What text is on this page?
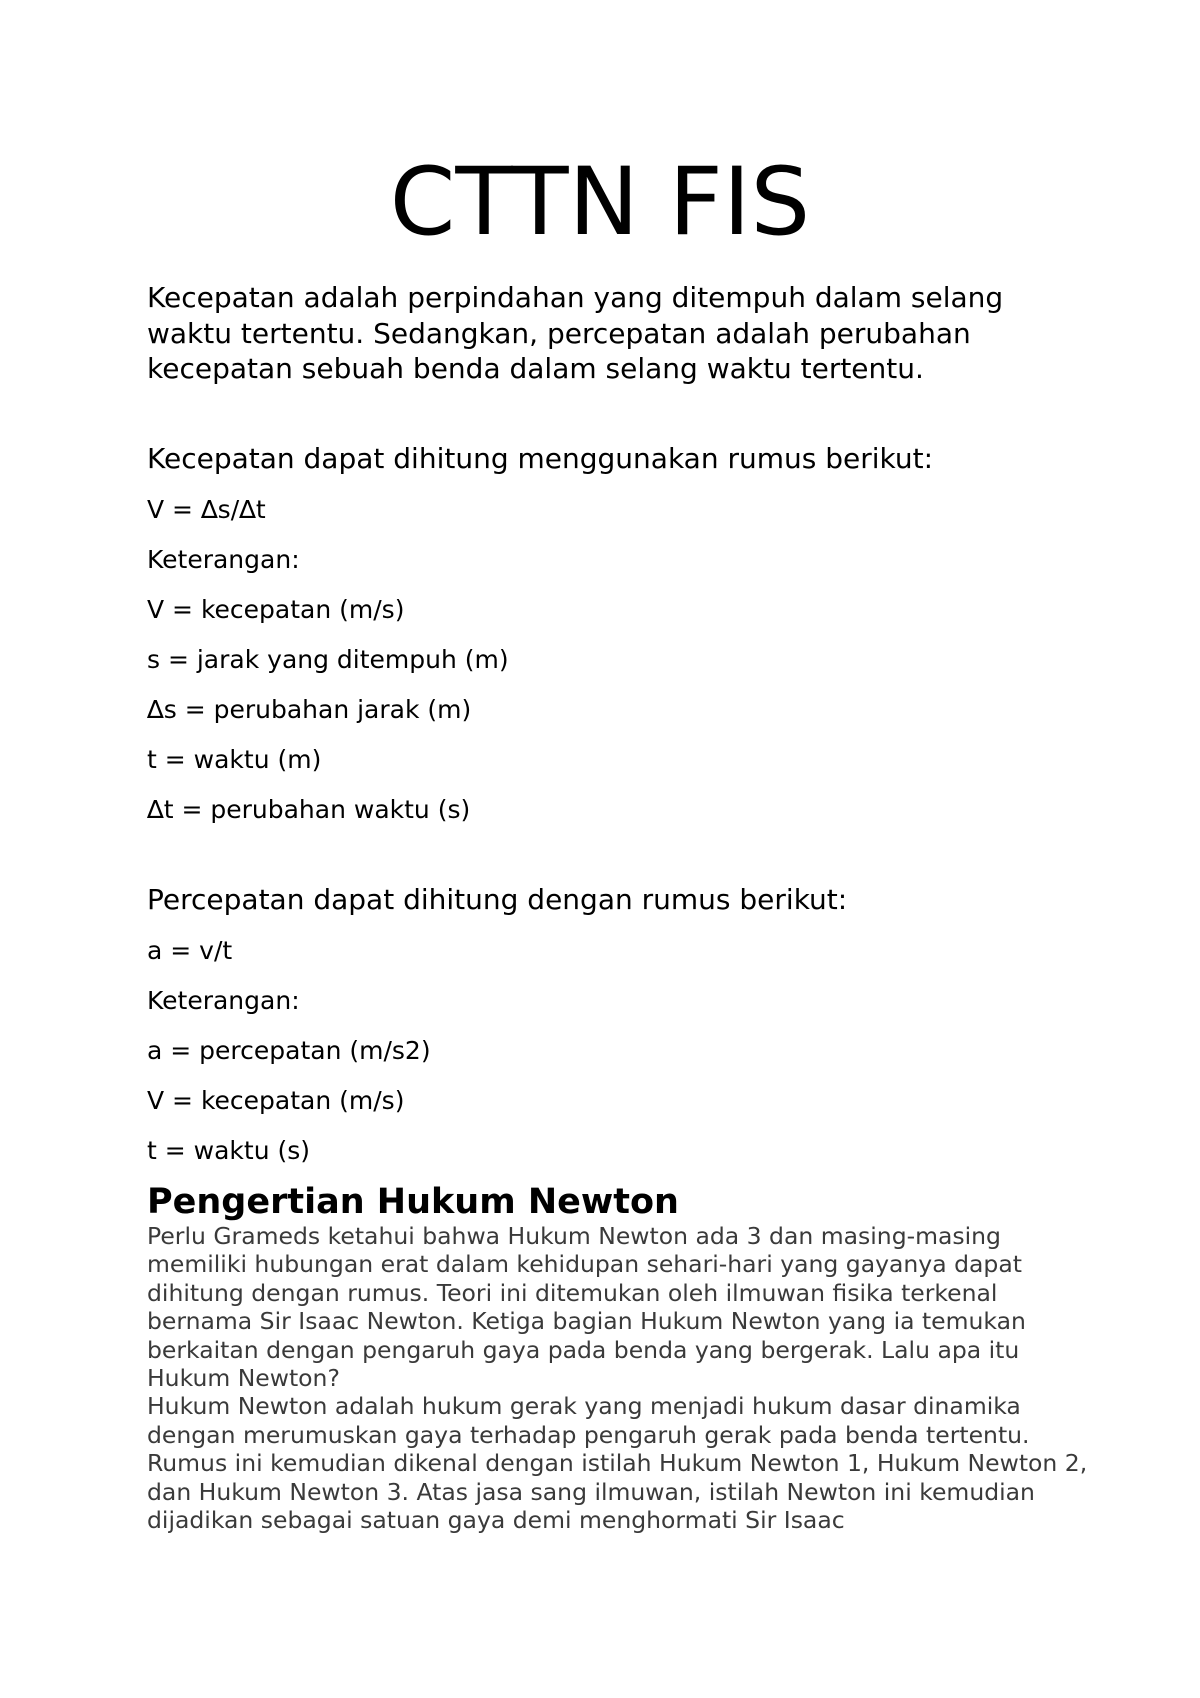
CTTN FIS

Kecepatan adalah perpindahan yang ditempuh dalam selang waktu tertentu. Sedangkan, percepatan adalah perubahan kecepatan sebuah benda dalam selang waktu tertentu.

Kecepatan dapat dihitung menggunakan rumus berikut:

V = ∆s/∆t

Keterangan:

V = kecepatan (m/s)

s = jarak yang ditempuh (m)

∆s = perubahan jarak (m)

t = waktu (m)

∆t = perubahan waktu (s)

Percepatan dapat dihitung dengan rumus berikut:

a = v/t

Keterangan:

a = percepatan (m/s2)

V = kecepatan (m/s)

t = waktu (s)

Pengertian Hukum Newton

Perlu Grameds ketahui bahwa Hukum Newton ada 3 dan masing-masing memiliki hubungan erat dalam kehidupan sehari-hari yang gayanya dapat dihitung dengan rumus. Teori ini ditemukan oleh ilmuwan fisika terkenal bernama Sir Isaac Newton. Ketiga bagian Hukum Newton yang ia temukan berkaitan dengan pengaruh gaya pada benda yang bergerak. Lalu apa itu Hukum Newton?

Hukum Newton adalah hukum gerak yang menjadi hukum dasar dinamika dengan merumuskan gaya terhadap pengaruh gerak pada benda tertentu. Rumus ini kemudian dikenal dengan istilah Hukum Newton 1, Hukum Newton 2, dan Hukum Newton 3. Atas jasa sang ilmuwan, istilah Newton ini kemudian dijadikan sebagai satuan gaya demi menghormati Sir Isaac
